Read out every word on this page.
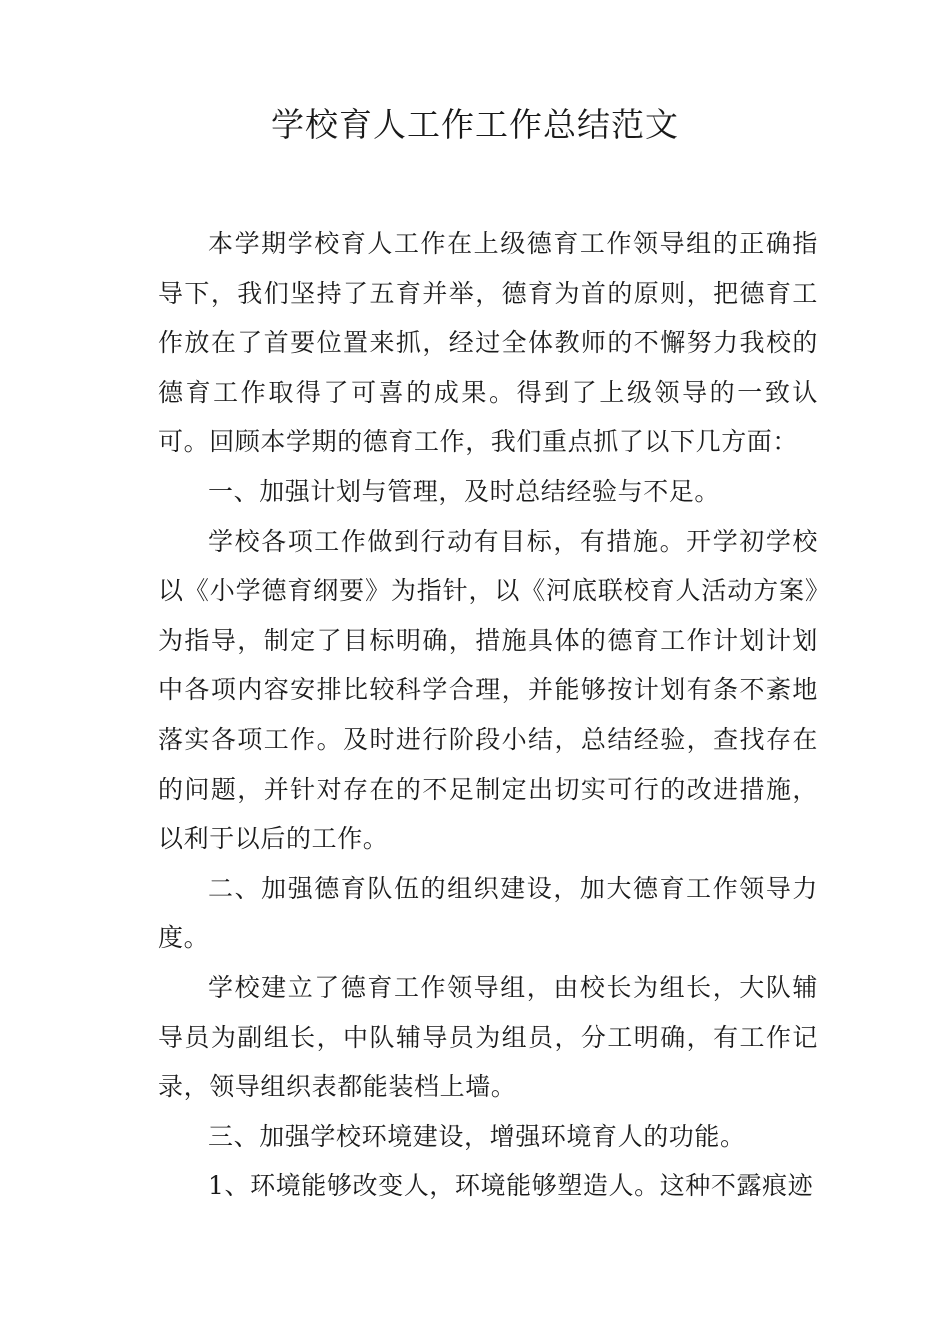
学校育人工作工作总结范文

本学期学校育人工作在上级德育工作领导组的正确指导下，我们坚持了五育并举，德育为首的原则，把德育工作放在了首要位置来抓，经过全体教师的不懈努力我校的德育工作取得了可喜的成果。得到了上级领导的一致认可。回顾本学期的德育工作，我们重点抓了以下几方面：

一、加强计划与管理，及时总结经验与不足。

学校各项工作做到行动有目标，有措施。开学初学校以《小学德育纲要》为指针，以《河底联校育人活动方案》为指导，制定了目标明确，措施具体的德育工作计划计划中各项内容安排比较科学合理，并能够按计划有条不紊地落实各项工作。及时进行阶段小结，总结经验，查找存在的问题，并针对存在的不足制定出切实可行的改进措施，以利于以后的工作。

二、加强德育队伍的组织建设，加大德育工作领导力度。

学校建立了德育工作领导组，由校长为组长，大队辅导员为副组长，中队辅导员为组员，分工明确，有工作记录，领导组织表都能装档上墙。

三、加强学校环境建设，增强环境育人的功能。

1、环境能够改变人，环境能够塑造人。这种不露痕迹
